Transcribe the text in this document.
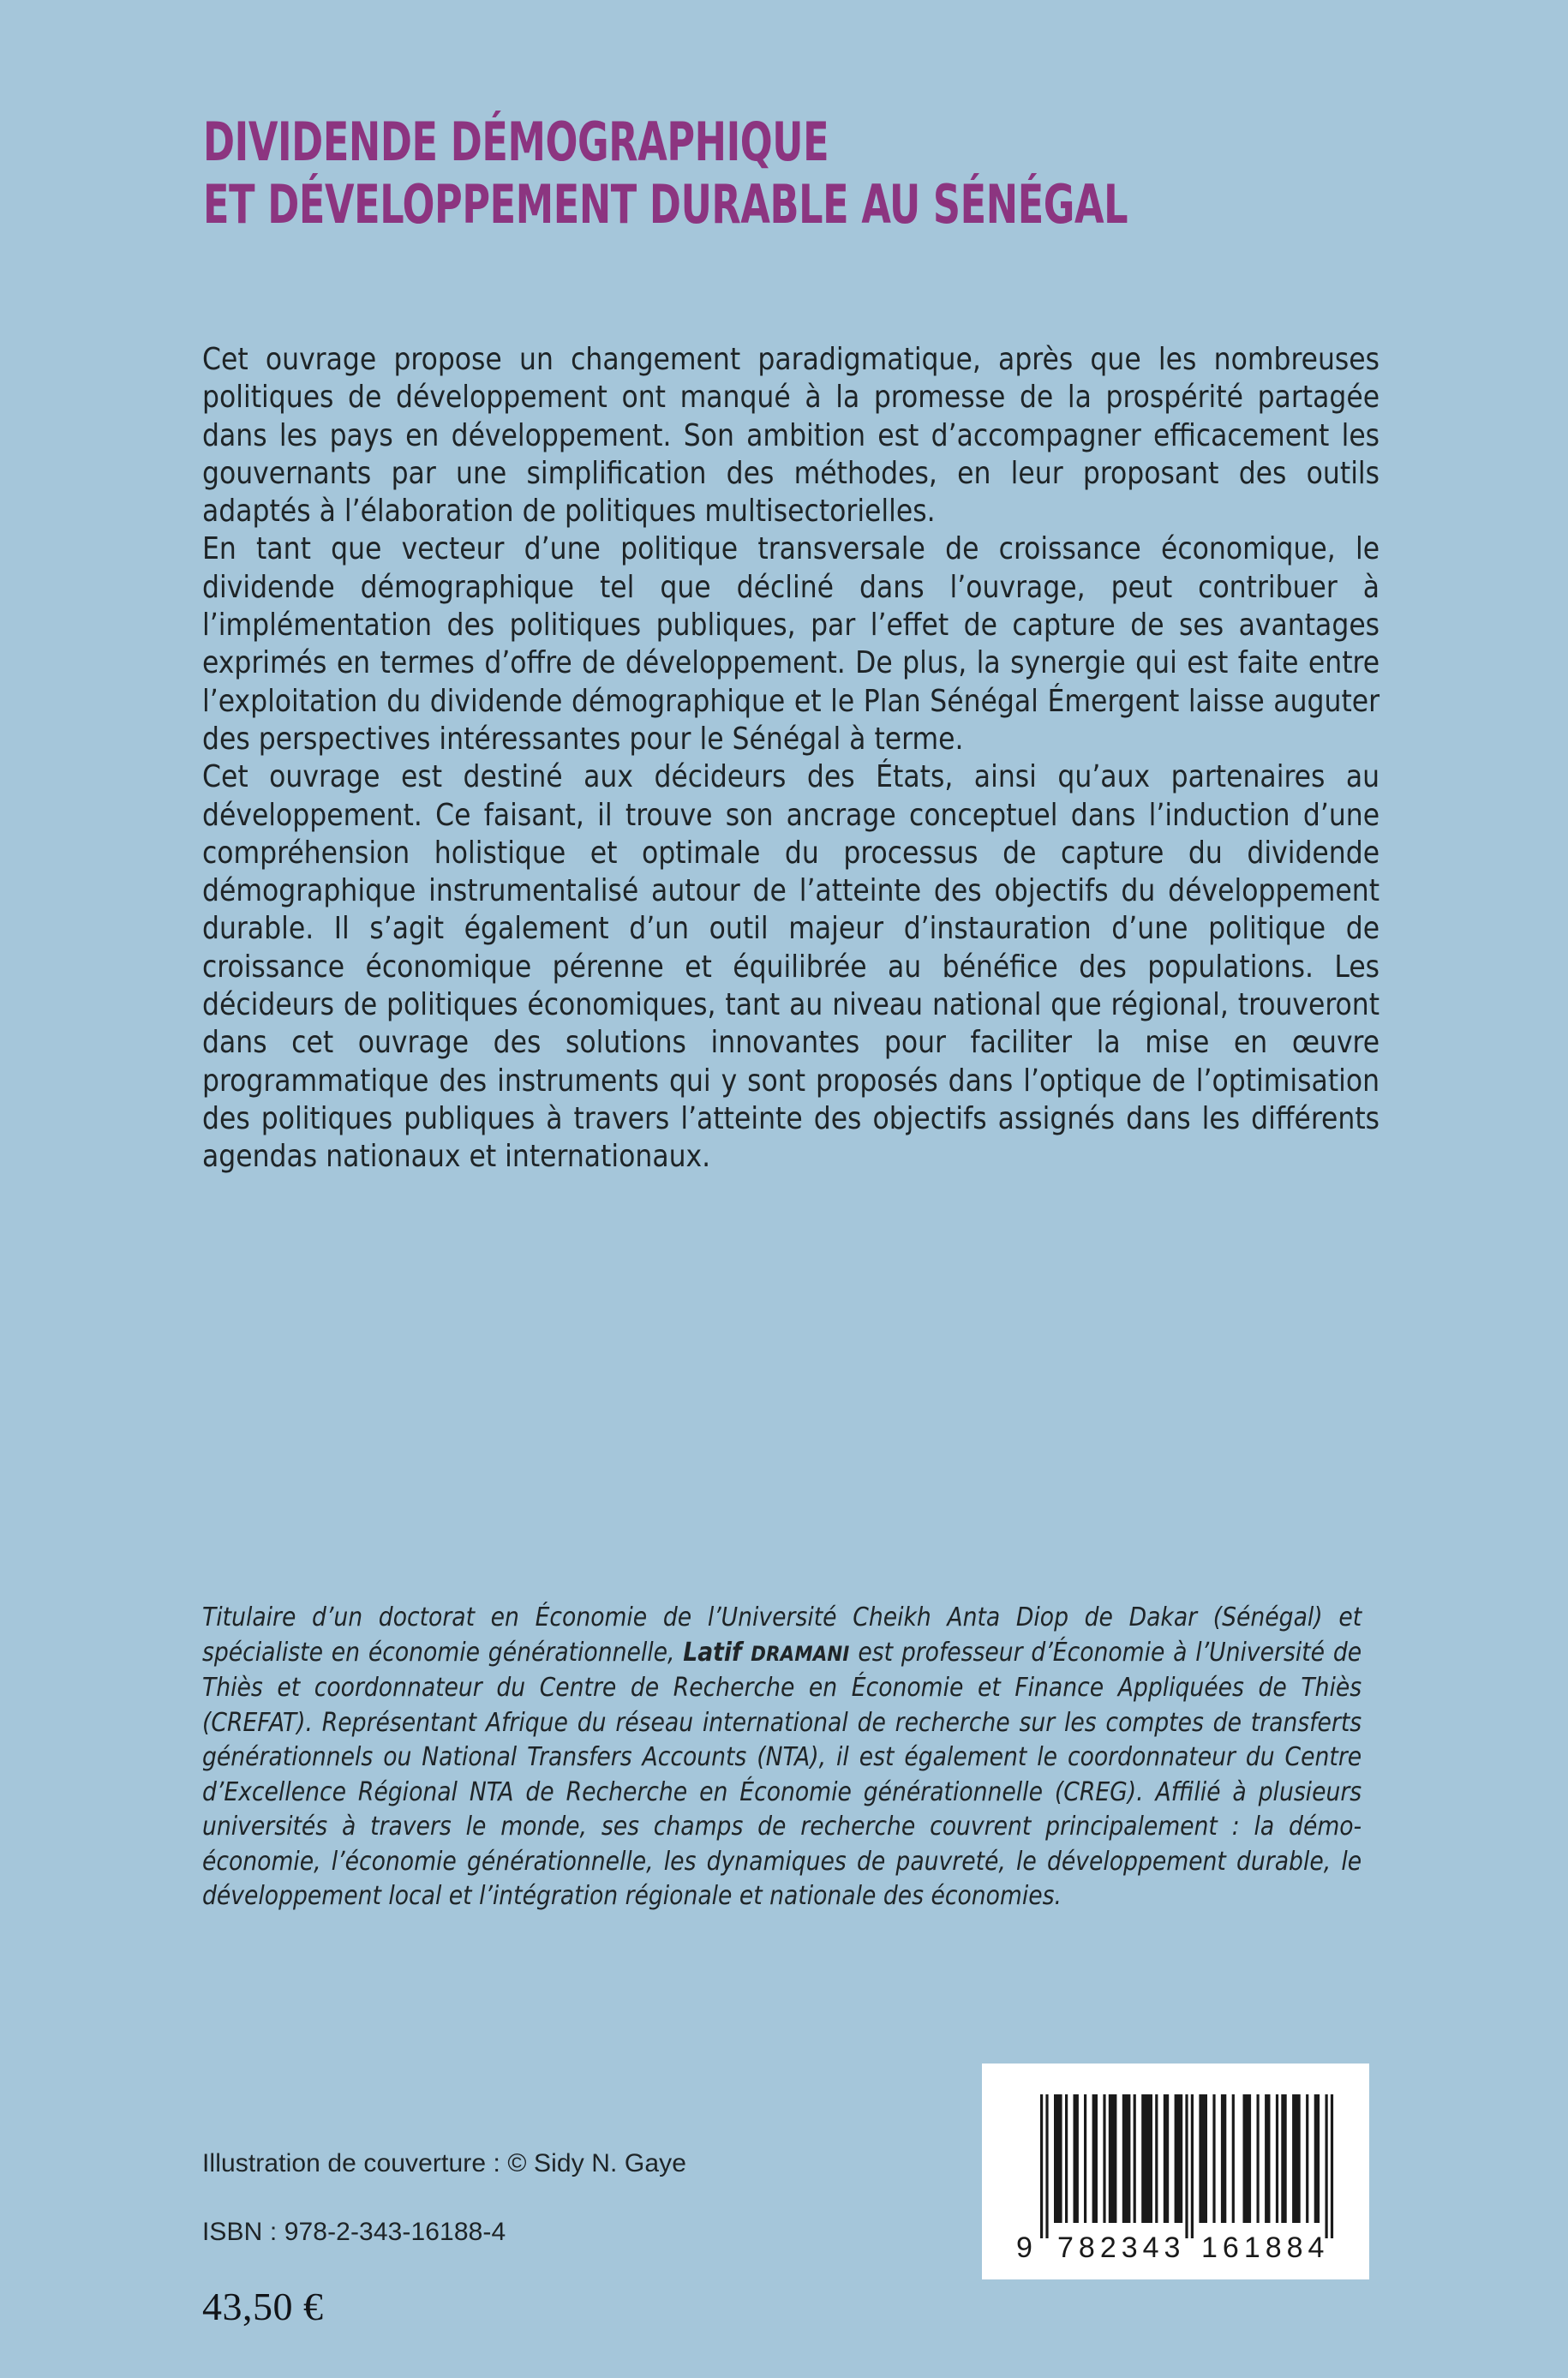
DIVIDENDE DÉMOGRAPHIQUE
ET DÉVELOPPEMENT DURABLE AU SÉNÉGAL

Cet ouvrage propose un changement paradigmatique, après que les nombreuses politiques de développement ont manqué à la promesse de la prospérité partagée dans les pays en développement. Son ambition est d’accompagner efficacement les gouvernants par une simplification des méthodes, en leur proposant des outils adaptés à l’élaboration de politiques multisectorielles.

En tant que vecteur d’une politique transversale de croissance économique, le dividende démographique tel que décliné dans l’ouvrage, peut contribuer à l’implémentation des politiques publiques, par l’effet de capture de ses avantages exprimés en termes d’offre de développement. De plus, la synergie qui est faite entre l’exploitation du dividende démographique et le Plan Sénégal Émergent laisse auguter des perspectives intéressantes pour le Sénégal à terme.

Cet ouvrage est destiné aux décideurs des États, ainsi qu’aux partenaires au développement. Ce faisant, il trouve son ancrage conceptuel dans l’induction d’une compréhension holistique et optimale du processus de capture du dividende démographique instrumentalisé autour de l’atteinte des objectifs du développement durable. Il s’agit également d’un outil majeur d’instauration d’une politique de croissance économique pérenne et équilibrée au bénéfice des populations. Les décideurs de politiques économiques, tant au niveau national que régional, trouveront dans cet ouvrage des solutions innovantes pour faciliter la mise en œuvre programmatique des instruments qui y sont proposés dans l’optique de l’optimisation des politiques publiques à travers l’atteinte des objectifs assignés dans les différents agendas nationaux et internationaux.

Titulaire d’un doctorat en Économie de l’Université Cheikh Anta Diop de Dakar (Sénégal) et spécialiste en économie générationnelle, Latif DRAMANI est professeur d’Économie à l’Université de Thiès et coordonnateur du Centre de Recherche en Économie et Finance Appliquées de Thiès (CREFAT). Représentant Afrique du réseau international de recherche sur les comptes de transferts générationnels ou National Transfers Accounts (NTA), il est également le coordonnateur du Centre d’Excellence Régional NTA de Recherche en Économie générationnelle (CREG). Affilié à plusieurs universités à travers le monde, ses champs de recherche couvrent principalement : la démo-économie, l’économie générationnelle, les dynamiques de pauvreté, le développement durable, le développement local et l’intégration régionale et nationale des économies.

Illustration de couverture : © Sidy N. Gaye

ISBN : 978-2-343-16188-4

43,50 €

9 782343 161884
